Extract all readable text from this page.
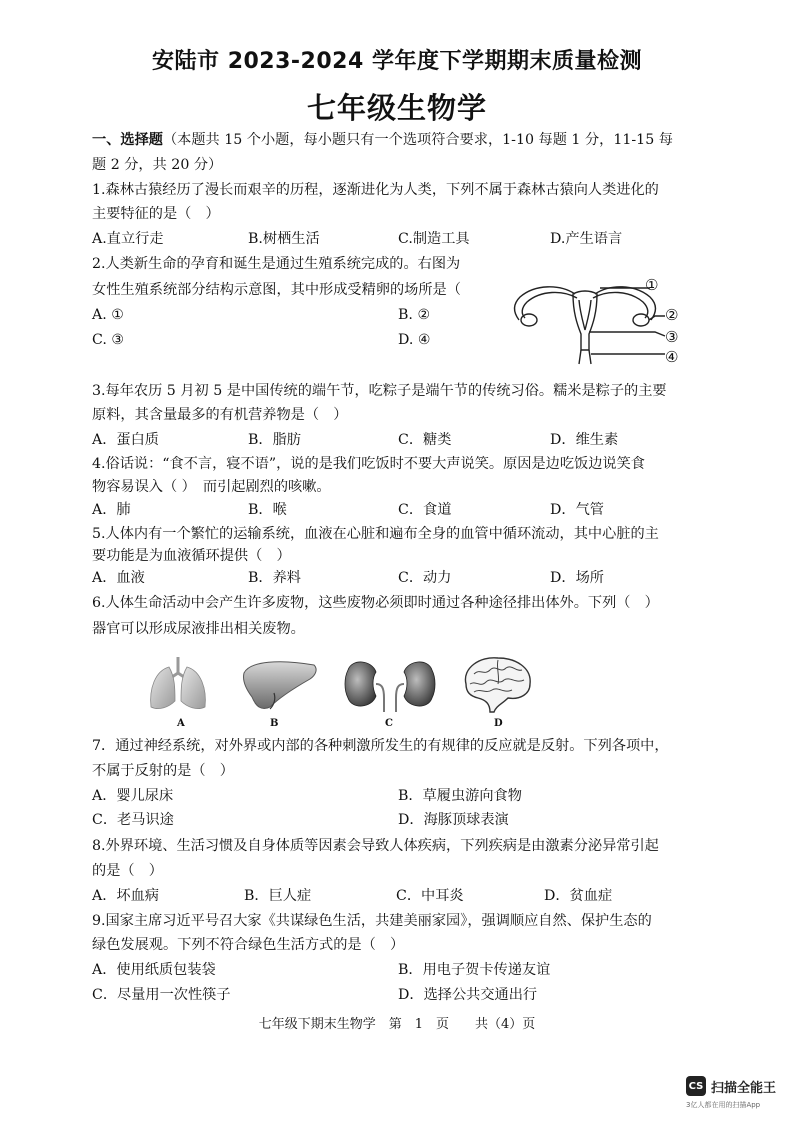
安陆市 2023-2024 学年度下学期期末质量检测
七年级生物学
一、选择题（本题共 15 个小题，每小题只有一个选项符合要求，1-10 每题 1 分，11-15 每
题 2 分，共 20 分）
1.森林古猿经历了漫长而艰辛的历程，逐渐进化为人类，下列不属于森林古猿向人类进化的
主要特征的是（　）
A.直立行走	B.树栖生活	C.制造工具	D.产生语言
2.人类新生命的孕育和诞生是通过生殖系统完成的。右图为
女性生殖系统部分结构示意图，其中形成受精卵的场所是（
A. ①	B. ②
C. ③	D. ④
①
②
③
④
3.每年农历 5 月初 5 是中国传统的端午节，吃粽子是端午节的传统习俗。糯米是粽子的主要
原料，其含量最多的有机营养物是（　）
A．蛋白质	B．脂肪	C．糖类	D．维生素
4.俗话说：“食不言，寝不语”，说的是我们吃饭时不要大声说笑。原因是边吃饭边说笑食
物容易误入（ ）　而引起剧烈的咳嗽。
A．肺	B．喉	C．食道	D．气管
5.人体内有一个繁忙的运输系统，血液在心脏和遍布全身的血管中循环流动，其中心脏的主
要功能是为血液循环提供（　）
A．血液	B．养料	C．动力	D．场所
6.人体生命活动中会产生许多废物，这些废物必须即时通过各种途径排出体外。下列（　）
器官可以形成尿液排出相关废物。
A	B	C	D
7．通过神经系统，对外界或内部的各种刺激所发生的有规律的反应就是反射。下列各项中，
不属于反射的是（　）
A．婴儿尿床	B．草履虫游向食物
C．老马识途	D．海豚顶球表演
8.外界环境、生活习惯及自身体质等因素会导致人体疾病，下列疾病是由激素分泌异常引起
的是（　）
A．坏血病	B．巨人症	C．中耳炎	D．贫血症
9.国家主席习近平号召大家《共谋绿色生活，共建美丽家园》，强调顺应自然、保护生态的
绿色发展观。下列不符合绿色生活方式的是（　）
A．使用纸质包装袋	B．用电子贺卡传递友谊
C．尽量用一次性筷子	D．选择公共交通出行
七年级下期末生物学　第　1　页　　共（4）页
CS 扫描全能王
3亿人都在用的扫描App
